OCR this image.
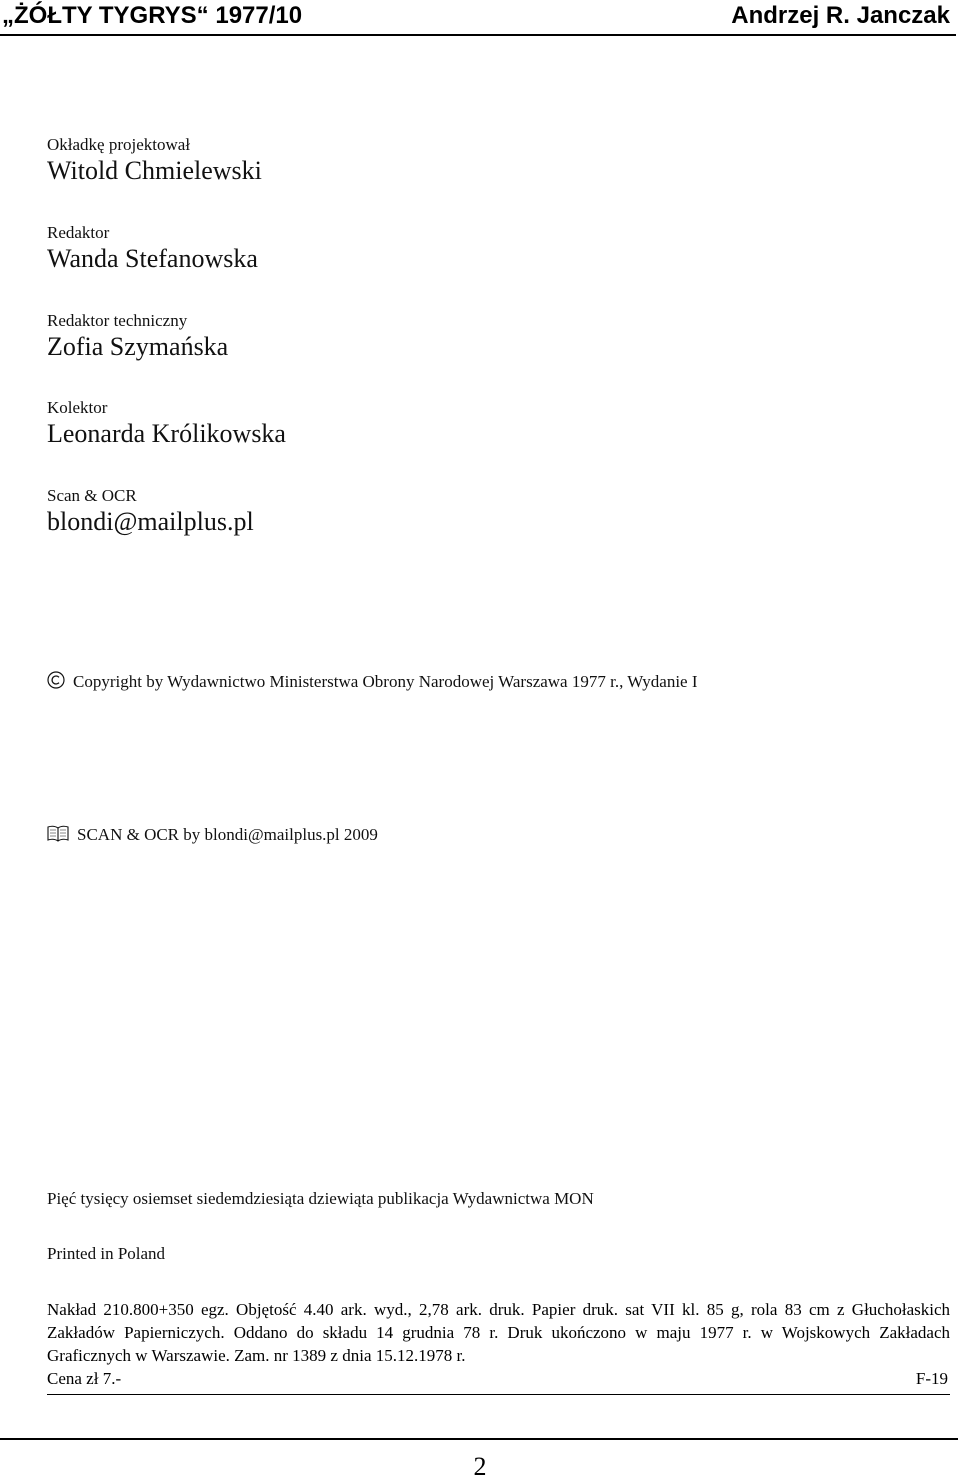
„ŻÓŁTY TYGRYS“ 1977/10	Andrzej R. Janczak
Okładkę projektował
Witold Chmielewski
Redaktor
Wanda Stefanowska
Redaktor techniczny
Zofia Szymańska
Kolektor
Leonarda Królikowska
Scan & OCR
blondi@mailplus.pl
Copyright by Wydawnictwo Ministerstwa Obrony Narodowej Warszawa 1977 r., Wydanie I
SCAN & OCR by blondi@mailplus.pl 2009
Pięć tysięcy osiemset siedemdziesiąta dziewiąta publikacja Wydawnictwa MON
Printed in Poland
Nakład 210.800+350 egz. Objętość 4.40 ark. wyd., 2,78 ark. druk. Papier druk. sat VII kl. 85 g, rola 83 cm z Głuchołaskich Zakładów Papierniczych. Oddano do składu 14 grudnia 78 r. Druk ukończono w maju 1977 r. w Wojskowych Zakładach Graficznych w Warszawie. Zam. nr 1389 z dnia 15.12.1978 r.
Cena zł 7.-	F-19
2
